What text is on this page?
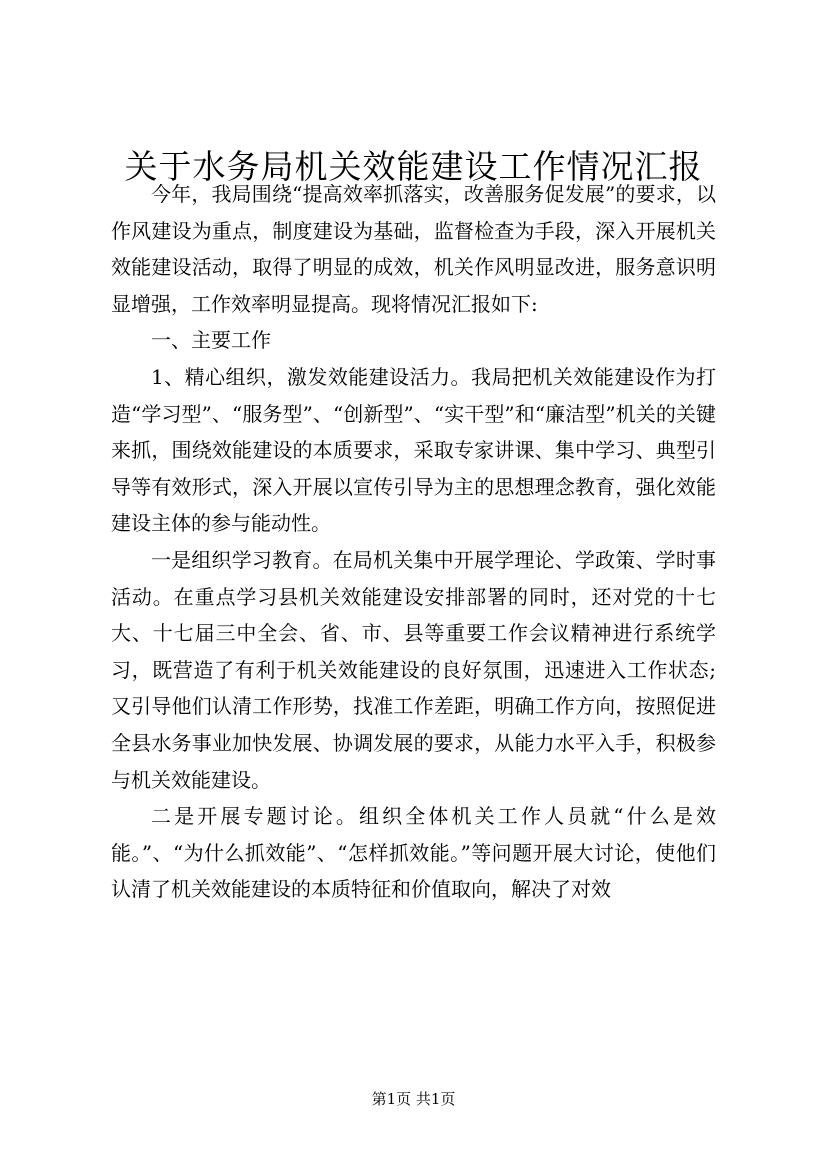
关于水务局机关效能建设工作情况汇报

今年，我局围绕“提高效率抓落实，改善服务促发展”的要求，以作风建设为重点，制度建设为基础，监督检查为手段，深入开展机关效能建设活动，取得了明显的成效，机关作风明显改进，服务意识明显增强，工作效率明显提高。现将情况汇报如下:

一、主要工作

1、精心组织，激发效能建设活力。我局把机关效能建设作为打造“学习型”、“服务型”、“创新型”、“实干型”和“廉洁型”机关的关键来抓，围绕效能建设的本质要求，采取专家讲课、集中学习、典型引导等有效形式，深入开展以宣传引导为主的思想理念教育，强化效能建设主体的参与能动性。

一是组织学习教育。在局机关集中开展学理论、学政策、学时事活动。在重点学习县机关效能建设安排部署的同时，还对党的十七大、十七届三中全会、省、市、县等重要工作会议精神进行系统学习，既营造了有利于机关效能建设的良好氛围，迅速进入工作状态;又引导他们认清工作形势，找准工作差距，明确工作方向，按照促进全县水务事业加快发展、协调发展的要求，从能力水平入手，积极参与机关效能建设。

二是开展专题讨论。组织全体机关工作人员就“什么是效能。”、“为什么抓效能”、“怎样抓效能。”等问题开展大讨论，使他们认清了机关效能建设的本质特征和价值取向，解决了对效

第1页 共1页
